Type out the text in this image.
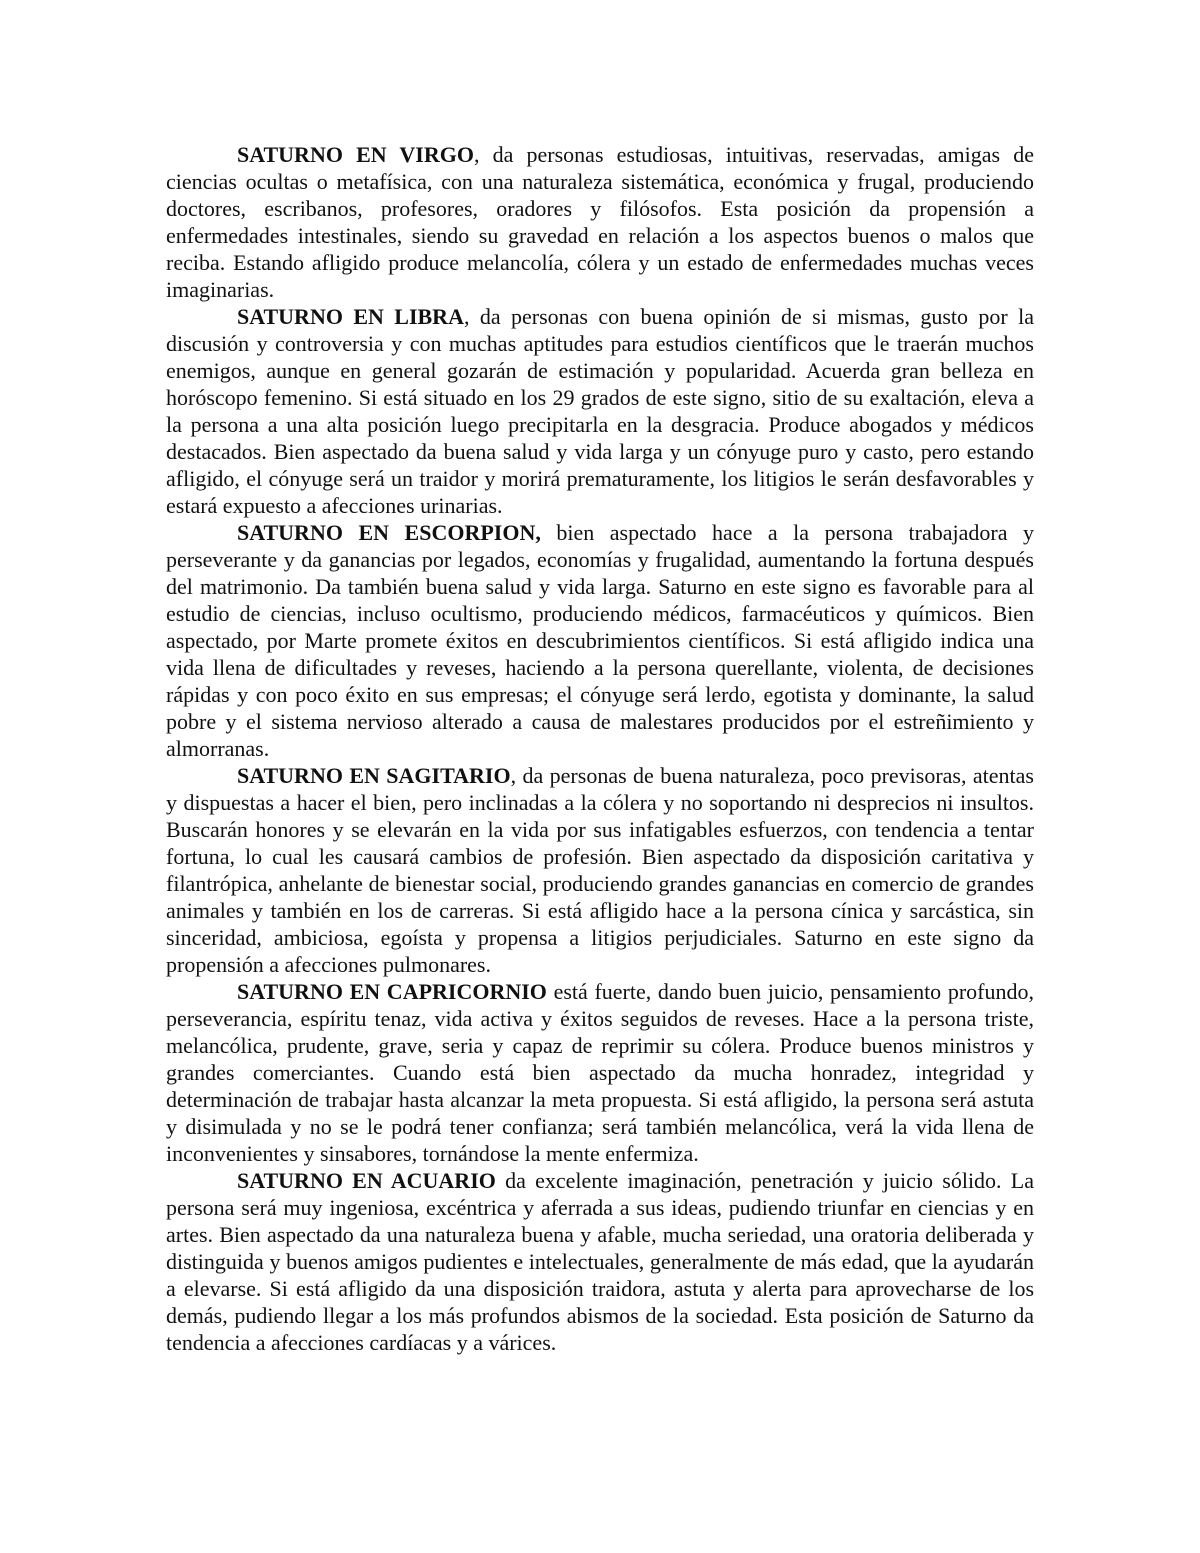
SATURNO EN VIRGO, da personas estudiosas, intuitivas, reservadas, amigas de ciencias ocultas o metafísica, con una naturaleza sistemática, económica y frugal, produciendo doctores, escribanos, profesores, oradores y filósofos. Esta posición da propensión a enfermedades intestinales, siendo su gravedad en relación a los aspectos buenos o malos que reciba. Estando afligido produce melancolía, cólera y un estado de enfermedades muchas veces imaginarias.

SATURNO EN LIBRA, da personas con buena opinión de si mismas, gusto por la discusión y controversia y con muchas aptitudes para estudios científicos que le traerán muchos enemigos, aunque en general gozarán de estimación y popularidad. Acuerda gran belleza en horóscopo femenino. Si está situado en los 29 grados de este signo, sitio de su exaltación, eleva a la persona a una alta posición luego precipitarla en la desgracia. Produce abogados y médicos destacados. Bien aspectado da buena salud y vida larga y un cónyuge puro y casto, pero estando afligido, el cónyuge será un traidor y morirá prematuramente, los litigios le serán desfavorables y estará expuesto a afecciones urinarias.

SATURNO EN ESCORPION, bien aspectado hace a la persona trabajadora y perseverante y da ganancias por legados, economías y frugalidad, aumentando la fortuna después del matrimonio. Da también buena salud y vida larga. Saturno en este signo es favorable para al estudio de ciencias, incluso ocultismo, produciendo médicos, farmacéuticos y químicos. Bien aspectado, por Marte promete éxitos en descubrimientos científicos. Si está afligido indica una vida llena de dificultades y reveses, haciendo a la persona querellante, violenta, de decisiones rápidas y con poco éxito en sus empresas; el cónyuge será lerdo, egotista y dominante, la salud pobre y el sistema nervioso alterado a causa de malestares producidos por el estreñimiento y almorranas.

SATURNO EN SAGITARIO, da personas de buena naturaleza, poco previsoras, atentas y dispuestas a hacer el bien, pero inclinadas a la cólera y no soportando ni desprecios ni insultos. Buscarán honores y se elevarán en la vida por sus infatigables esfuerzos, con tendencia a tentar fortuna, lo cual les causará cambios de profesión. Bien aspectado da disposición caritativa y filantrópica, anhelante de bienestar social, produciendo grandes ganancias en comercio de grandes animales y también en los de carreras. Si está afligido hace a la persona cínica y sarcástica, sin sinceridad, ambiciosa, egoísta y propensa a litigios perjudiciales. Saturno en este signo da propensión a afecciones pulmonares.

SATURNO EN CAPRICORNIO está fuerte, dando buen juicio, pensamiento profundo, perseverancia, espíritu tenaz, vida activa y éxitos seguidos de reveses. Hace a la persona triste, melancólica, prudente, grave, seria y capaz de reprimir su cólera. Produce buenos ministros y grandes comerciantes. Cuando está bien aspectado da mucha honradez, integridad y determinación de trabajar hasta alcanzar la meta propuesta. Si está afligido, la persona será astuta y disimulada y no se le podrá tener confianza; será también melancólica, verá la vida llena de inconvenientes y sinsabores, tornándose la mente enfermiza.

SATURNO EN ACUARIO da excelente imaginación, penetración y juicio sólido. La persona será muy ingeniosa, excéntrica y aferrada a sus ideas, pudiendo triunfar en ciencias y en artes. Bien aspectado da una naturaleza buena y afable, mucha seriedad, una oratoria deliberada y distinguida y buenos amigos pudientes e intelectuales, generalmente de más edad, que la ayudarán a elevarse. Si está afligido da una disposición traidora, astuta y alerta para aprovecharse de los demás, pudiendo llegar a los más profundos abismos de la sociedad. Esta posición de Saturno da tendencia a afecciones cardíacas y a várices.
